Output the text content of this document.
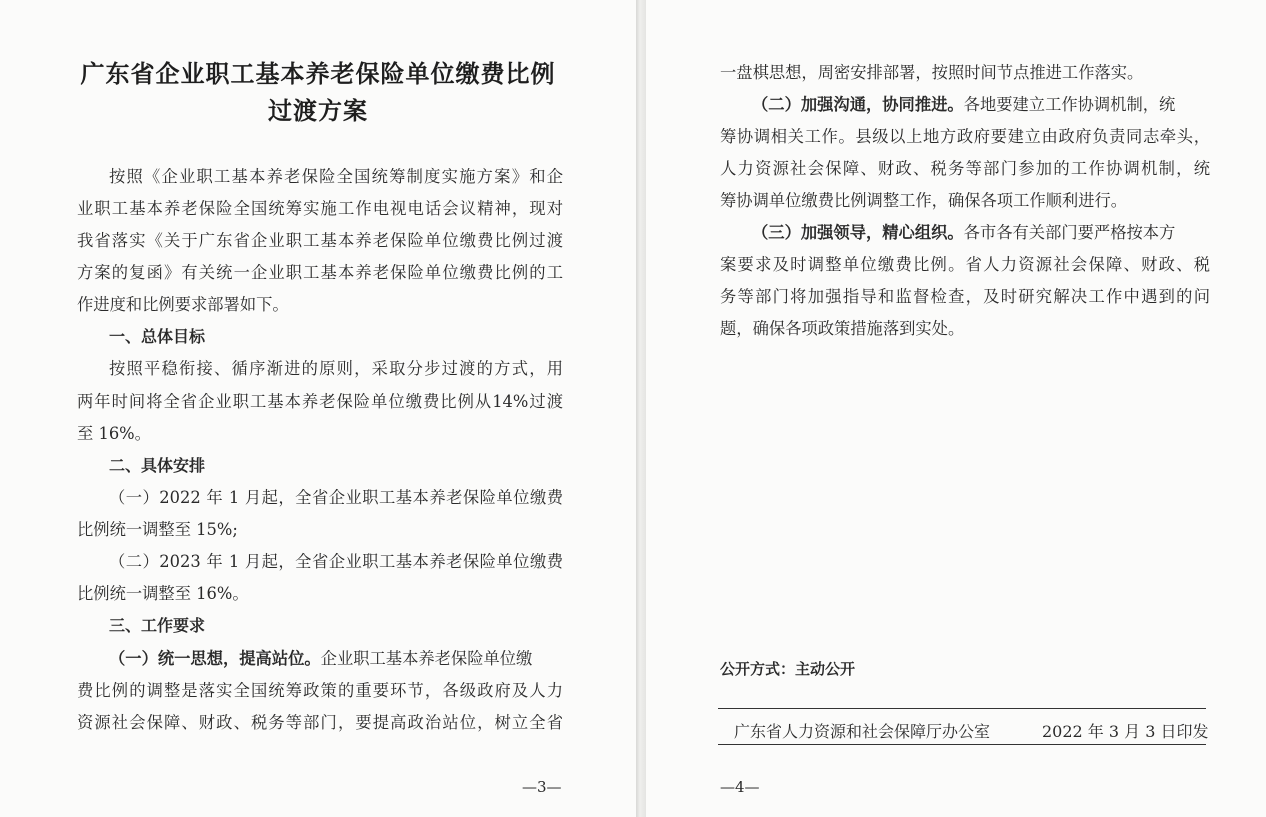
广东省企业职工基本养老保险单位缴费比例
过渡方案
按照《企业职工基本养老保险全国统筹制度实施方案》和企
业职工基本养老保险全国统筹实施工作电视电话会议精神，现对
我省落实《关于广东省企业职工基本养老保险单位缴费比例过渡
方案的复函》有关统一企业职工基本养老保险单位缴费比例的工
作进度和比例要求部署如下。
一、总体目标
按照平稳衔接、循序渐进的原则，采取分步过渡的方式，用
两年时间将全省企业职工基本养老保险单位缴费比例从14%过渡
至 16%。
二、具体安排
（一）2022 年 1 月起，全省企业职工基本养老保险单位缴费
比例统一调整至 15%;
（二）2023 年 1 月起，全省企业职工基本养老保险单位缴费
比例统一调整至 16%。
三、工作要求
（一）统一思想，提高站位。企业职工基本养老保险单位缴
费比例的调整是落实全国统筹政策的重要环节，各级政府及人力
资源社会保障、财政、税务等部门，要提高政治站位，树立全省
—3—
一盘棋思想，周密安排部署，按照时间节点推进工作落实。
（二）加强沟通，协同推进。各地要建立工作协调机制，统
筹协调相关工作。县级以上地方政府要建立由政府负责同志牵头，
人力资源社会保障、财政、税务等部门参加的工作协调机制，统
筹协调单位缴费比例调整工作，确保各项工作顺利进行。
（三）加强领导，精心组织。各市各有关部门要严格按本方
案要求及时调整单位缴费比例。省人力资源社会保障、财政、税
务等部门将加强指导和监督检查，及时研究解决工作中遇到的问
题，确保各项政策措施落到实处。
公开方式：主动公开
广东省人力资源和社会保障厅办公室	2022 年 3 月 3 日印发
—4—
